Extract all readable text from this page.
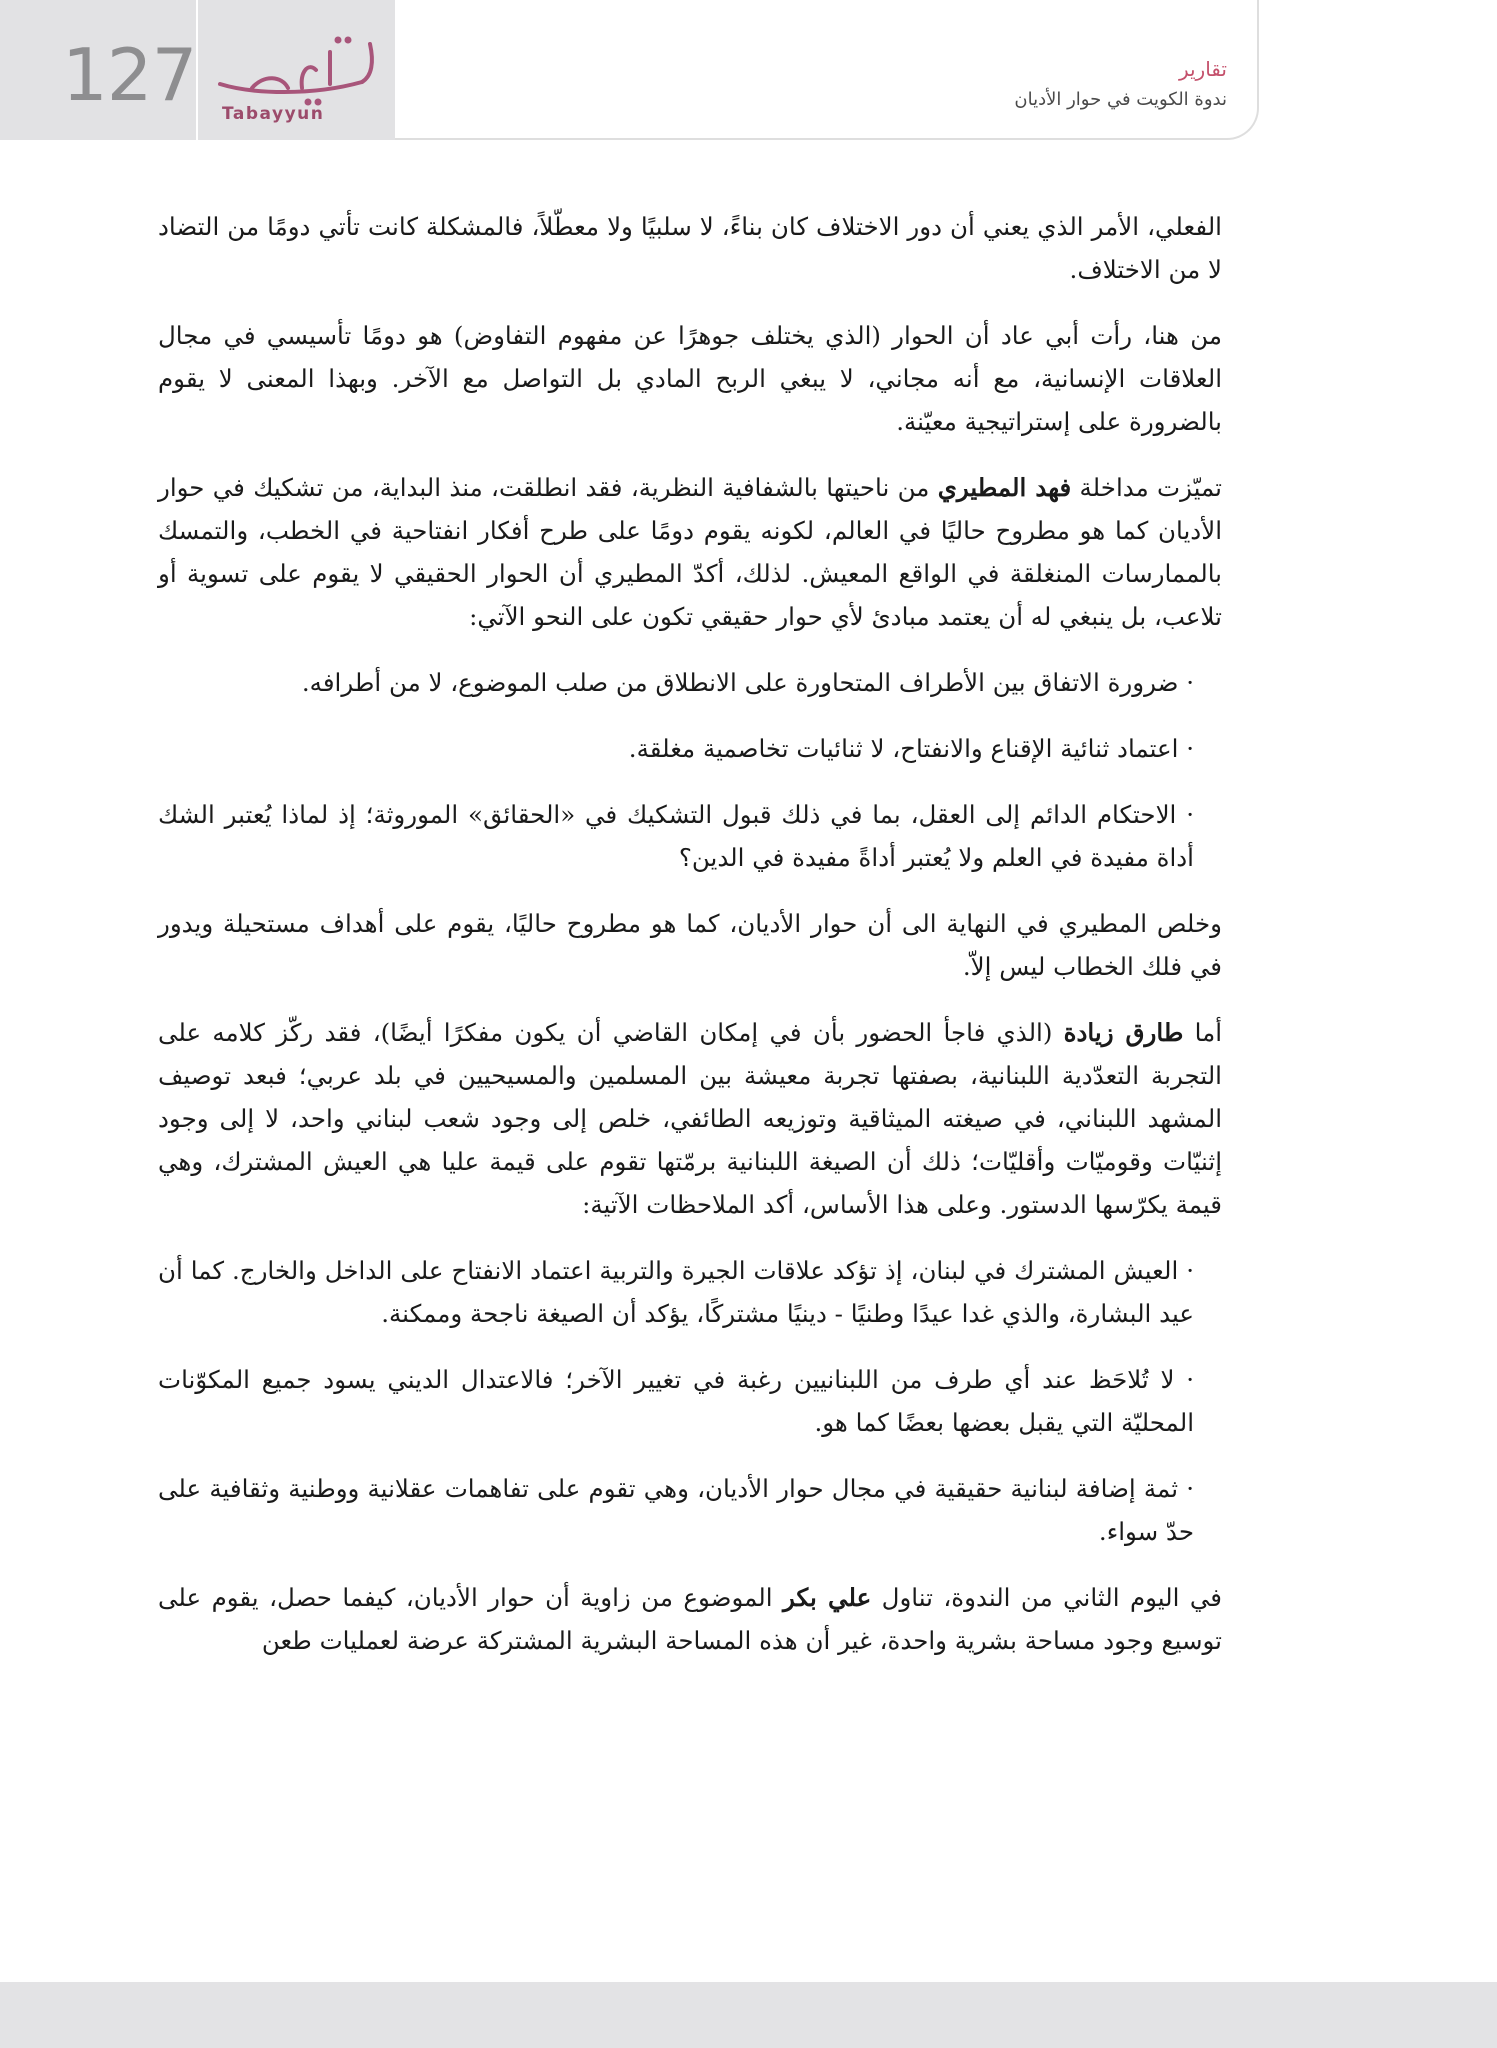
127 Tabayyun
تقارير
ندوة الكويت في حوار الأديان

الفعلي، الأمر الذي يعني أن دور الاختلاف كان بناءً، لا سلبيًا ولا معطّلاً، فالمشكلة كانت تأتي دومًا من التضاد لا من الاختلاف.

من هنا، رأت أبي عاد أن الحوار (الذي يختلف جوهرًا عن مفهوم التفاوض) هو دومًا تأسيسي في مجال العلاقات الإنسانية، مع أنه مجاني، لا يبغي الربح المادي بل التواصل مع الآخر. وبهذا المعنى لا يقوم بالضرورة على إستراتيجية معيّنة.

تميّزت مداخلة فهد المطيري من ناحيتها بالشفافية النظرية، فقد انطلقت، منذ البداية، من تشكيك في حوار الأديان كما هو مطروح حاليًا في العالم، لكونه يقوم دومًا على طرح أفكار انفتاحية في الخطب، والتمسك بالممارسات المنغلقة في الواقع المعيش. لذلك، أكدّ المطيري أن الحوار الحقيقي لا يقوم على تسوية أو تلاعب، بل ينبغي له أن يعتمد مبادئ لأي حوار حقيقي تكون على النحو الآتي:

· ضرورة الاتفاق بين الأطراف المتحاورة على الانطلاق من صلب الموضوع، لا من أطرافه.

· اعتماد ثنائية الإقناع والانفتاح، لا ثنائيات تخاصمية مغلقة.

· الاحتكام الدائم إلى العقل، بما في ذلك قبول التشكيك في «الحقائق» الموروثة؛ إذ لماذا يُعتبر الشك أداة مفيدة في العلم ولا يُعتبر أداةً مفيدة في الدين؟

وخلص المطيري في النهاية الى أن حوار الأديان، كما هو مطروح حاليًا، يقوم على أهداف مستحيلة ويدور في فلك الخطاب ليس إلاّ.

أما طارق زيادة (الذي فاجأ الحضور بأن في إمكان القاضي أن يكون مفكرًا أيضًا)، فقد ركّز كلامه على التجربة التعدّدية اللبنانية، بصفتها تجربة معيشة بين المسلمين والمسيحيين في بلد عربي؛ فبعد توصيف المشهد اللبناني، في صيغته الميثاقية وتوزيعه الطائفي، خلص إلى وجود شعب لبناني واحد، لا إلى وجود إثنيّات وقوميّات وأقليّات؛ ذلك أن الصيغة اللبنانية برمّتها تقوم على قيمة عليا هي العيش المشترك، وهي قيمة يكرّسها الدستور. وعلى هذا الأساس، أكد الملاحظات الآتية:

· العيش المشترك في لبنان، إذ تؤكد علاقات الجيرة والتربية اعتماد الانفتاح على الداخل والخارج. كما أن عيد البشارة، والذي غدا عيدًا وطنيًا - دينيًا مشتركًا، يؤكد أن الصيغة ناجحة وممكنة.

· لا تُلاحَظ عند أي طرف من اللبنانيين رغبة في تغيير الآخر؛ فالاعتدال الديني يسود جميع المكوّنات المحليّة التي يقبل بعضها بعضًا كما هو.

· ثمة إضافة لبنانية حقيقية في مجال حوار الأديان، وهي تقوم على تفاهمات عقلانية ووطنية وثقافية على حدّ سواء.

في اليوم الثاني من الندوة، تناول علي بكر الموضوع من زاوية أن حوار الأديان، كيفما حصل، يقوم على توسيع وجود مساحة بشرية واحدة، غير أن هذه المساحة البشرية المشتركة عرضة لعمليات طعن
